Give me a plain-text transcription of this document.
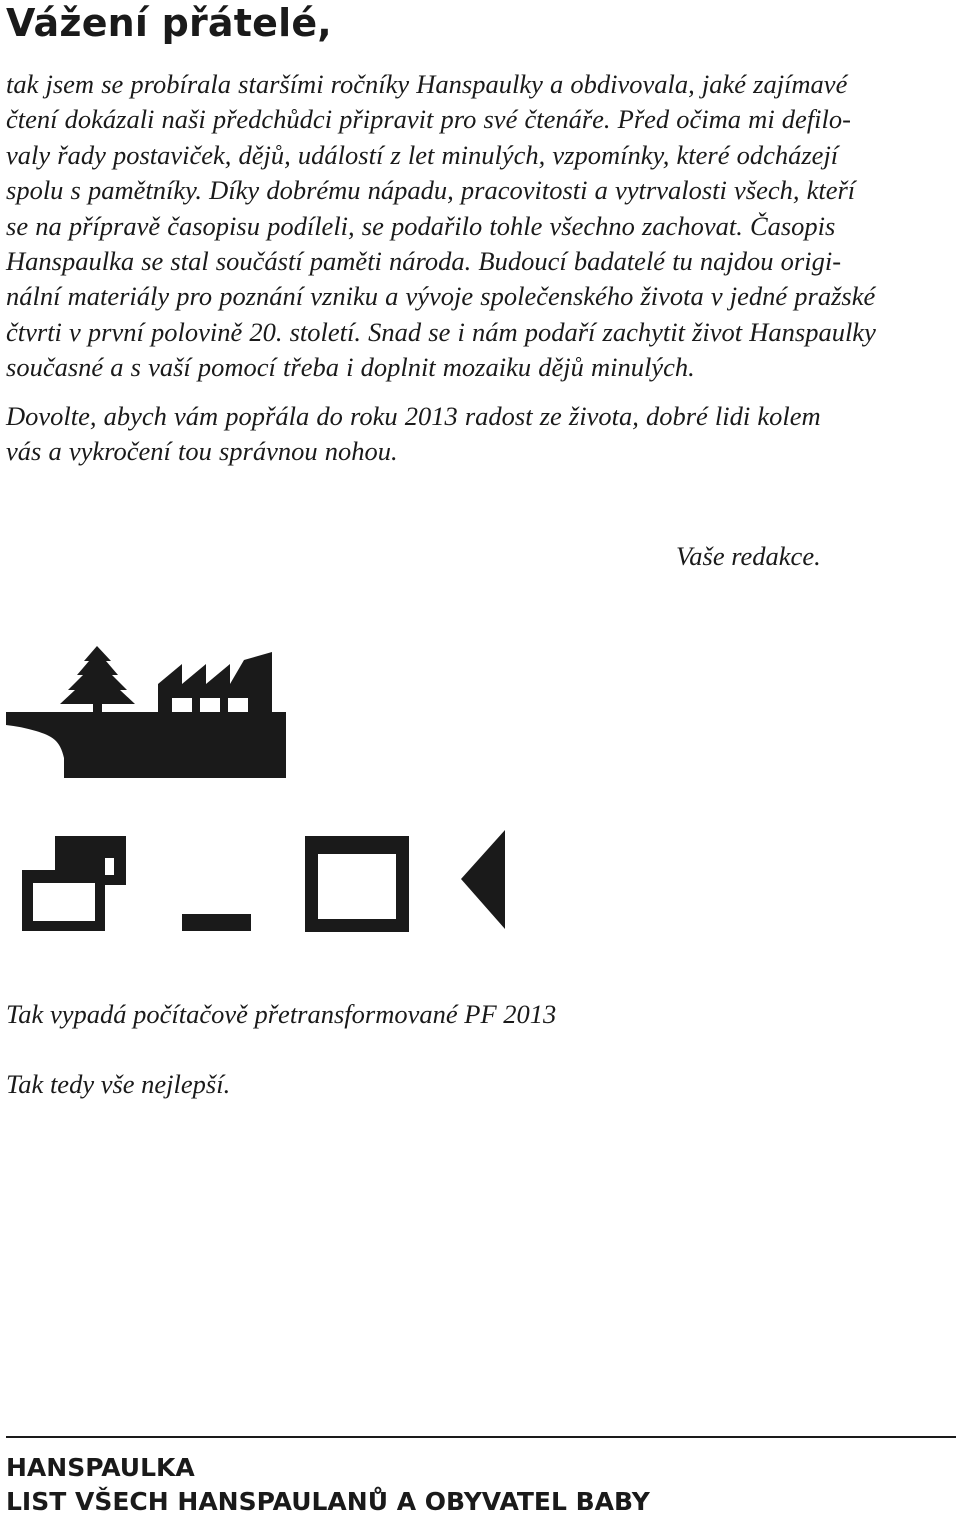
Vážení přátelé,

tak jsem se probírala staršími ročníky Hanspaulky a obdivovala, jaké zajímavé
čtení dokázali naši předchůdci připravit pro své čtenáře. Před očima mi defilo-
valy řady postaviček, dějů, událostí z let minulých, vzpomínky, které odcházejí
spolu s pamětníky. Díky dobrému nápadu, pracovitosti a vytrvalosti všech, kteří
se na přípravě časopisu podíleli, se podařilo tohle všechno zachovat. Časopis
Hanspaulka se stal součástí paměti národa. Budoucí badatelé tu najdou origi-
nální materiály pro poznání vzniku a vývoje společenského života v jedné pražské
čtvrti v první polovině 20. století. Snad se i nám podaří zachytit život Hanspaulky
současné a s vaší pomocí třeba i doplnit mozaiku dějů minulých.

Dovolte, abych vám popřála do roku 2013 radost ze života, dobré lidi kolem
vás a vykročení tou správnou nohou.

Vaše redakce.

Tak vypadá počítačově přetransformované PF 2013

Tak tedy vše nejlepší.

HANSPAULKA

LIST VŠECH HANSPAULANŮ A OBYVATEL BABY
